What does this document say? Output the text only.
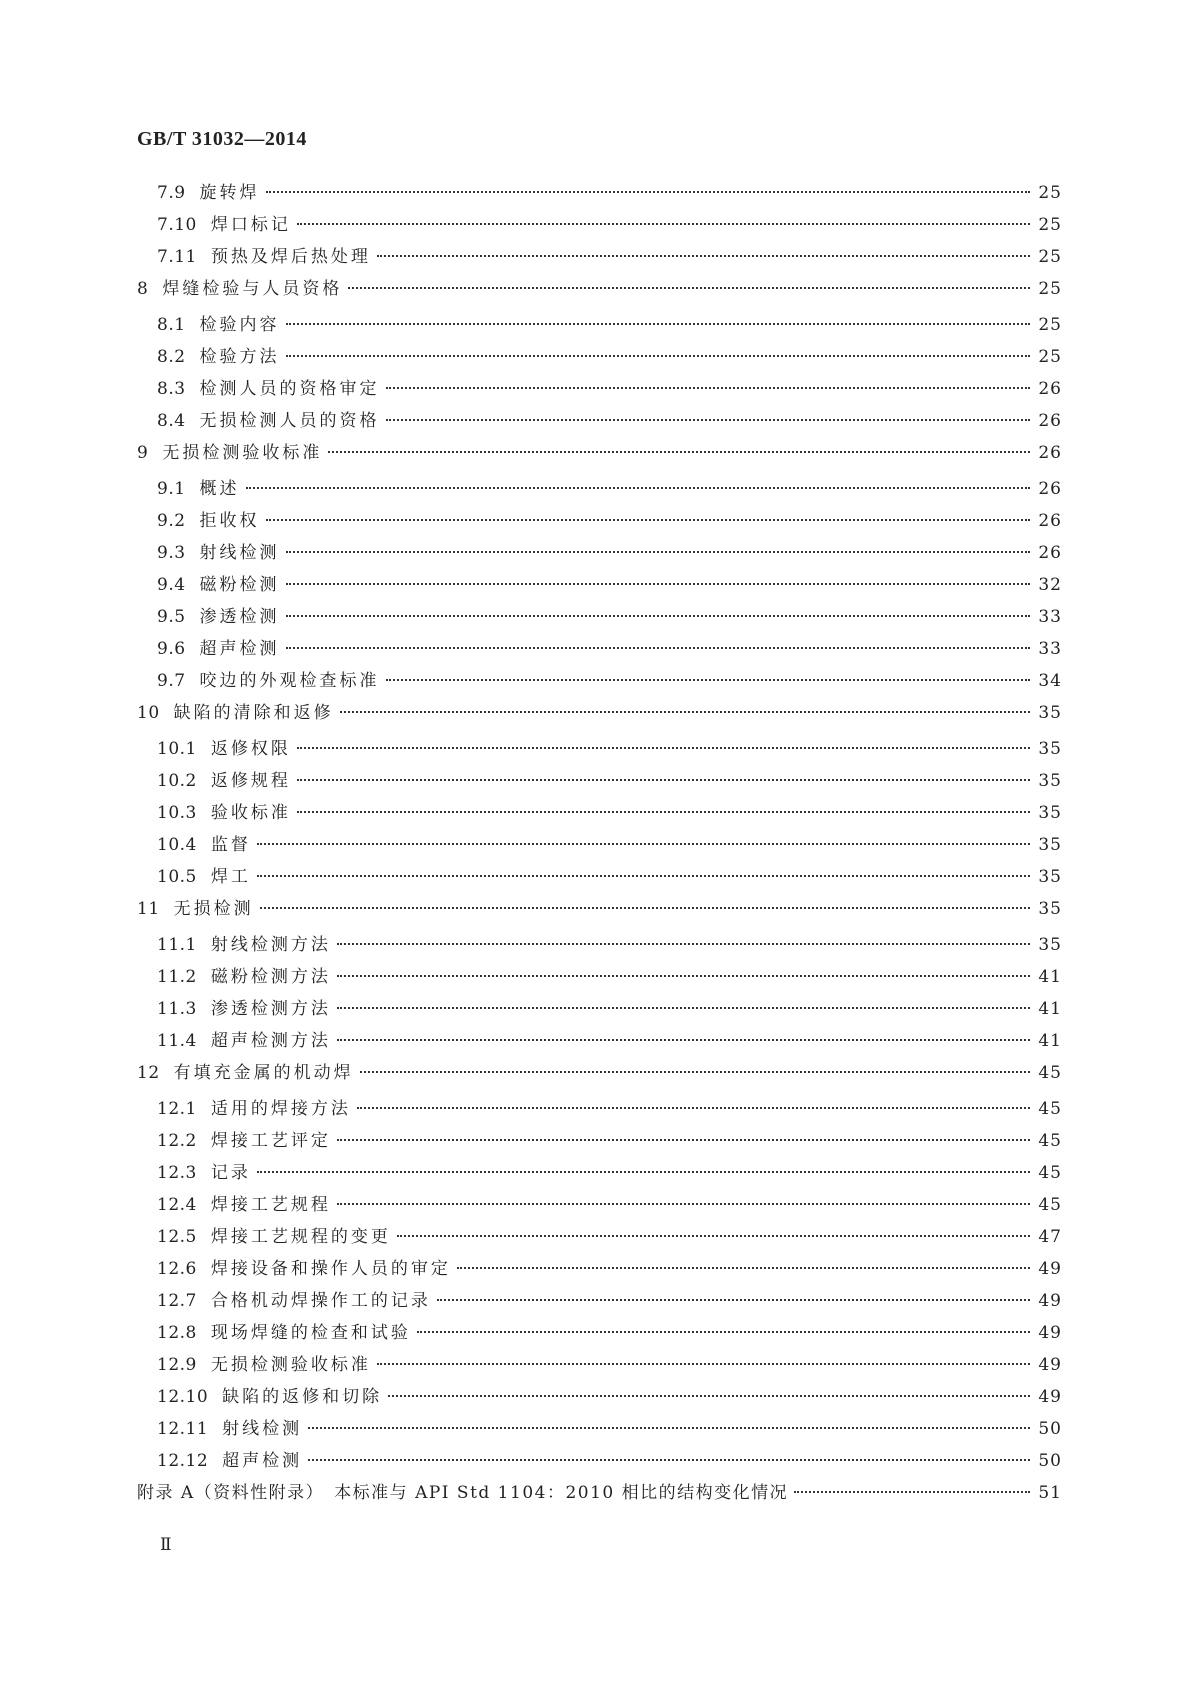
GB/T 31032—2014

7.9 旋转焊	25
7.10 焊口标记	25
7.11 预热及焊后热处理	25
8 焊缝检验与人员资格	25
8.1 检验内容	25
8.2 检验方法	25
8.3 检测人员的资格审定	26
8.4 无损检测人员的资格	26
9 无损检测验收标准	26
9.1 概述	26
9.2 拒收权	26
9.3 射线检测	26
9.4 磁粉检测	32
9.5 渗透检测	33
9.6 超声检测	33
9.7 咬边的外观检查标准	34
10 缺陷的清除和返修	35
10.1 返修权限	35
10.2 返修规程	35
10.3 验收标准	35
10.4 监督	35
10.5 焊工	35
11 无损检测	35
11.1 射线检测方法	35
11.2 磁粉检测方法	41
11.3 渗透检测方法	41
11.4 超声检测方法	41
12 有填充金属的机动焊	45
12.1 适用的焊接方法	45
12.2 焊接工艺评定	45
12.3 记录	45
12.4 焊接工艺规程	45
12.5 焊接工艺规程的变更	47
12.6 焊接设备和操作人员的审定	49
12.7 合格机动焊操作工的记录	49
12.8 现场焊缝的检查和试验	49
12.9 无损检测验收标准	49
12.10 缺陷的返修和切除	49
12.11 射线检测	50
12.12 超声检测	50
附录 A（资料性附录）　本标准与 API Std 1104：2010 相比的结构变化情况	51

Ⅱ
